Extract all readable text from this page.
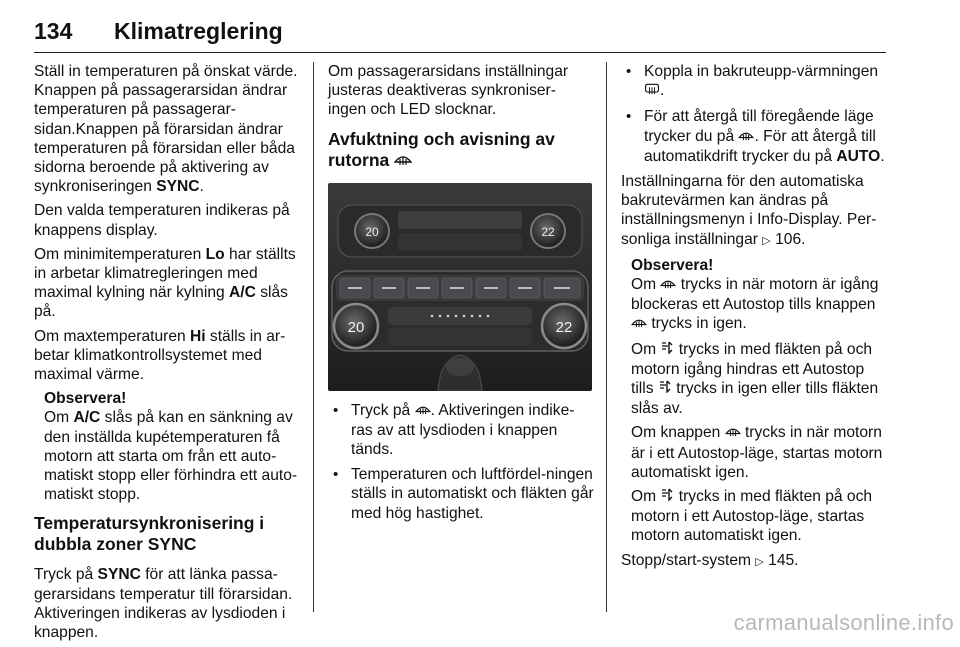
134 Klimatreglering

Ställ in temperaturen på önskat värde. Knappen på passagerarsidan ändrar temperaturen på passagerar-sidan.Knappen på förarsidan ändrar temperaturen på förarsidan eller båda sidorna beroende på aktivering av synkroniseringen SYNC.

Den valda temperaturen indikeras på knappens display.

Om minimitemperaturen Lo har ställts in arbetar klimatregleringen med maximal kylning när kylning A/C slås på.

Om maxtemperaturen Hi ställs in ar-betar klimatkontrollsystemet med maximal värme.

Observera!

Om A/C slås på kan en sänkning av den inställda kupétemperaturen få motorn att starta om från ett auto-matiskt stopp eller förhindra ett auto-matiskt stopp.

Temperatursynkronisering i dubbla zoner SYNC

Tryck på SYNC för att länka passa-gerarsidans temperatur till förarsidan. Aktiveringen indikeras av lysdioden i knappen.

Om passagerarsidans inställningar justeras deaktiveras synkroniser-ingen och LED slocknar.

Avfuktning och avisning av rutorna
20	22
20	22
• Tryck på . Aktiveringen indike-ras av att lysdioden i knappen tänds.
• Temperaturen och luftfördel-ningen ställs in automatiskt och fläkten går med hög hastighet.
• Koppla in bakruteupp-värmningen .
• För att återgå till föregående läge trycker du på . För att återgå till automatikdrift trycker du på AUTO.

Inställningarna för den automatiska bakrutevärmen kan ändras på inställningsmenyn i Info-Display. Per-sonliga inställningar ▷ 106.

Observera!

Om  trycks in när motorn är igång blockeras ett Autostop tills knappen  trycks in igen.

Om  trycks in med fläkten på och motorn igång hindras ett Autostop tills  trycks in igen eller tills fläkten slås av.

Om knappen  trycks in när motorn är i ett Autostop-läge, startas motorn automatiskt igen.

Om  trycks in med fläkten på och motorn i ett Autostop-läge, startas motorn automatiskt igen.

Stopp/start-system ▷ 145.

carmanualsonline.info
